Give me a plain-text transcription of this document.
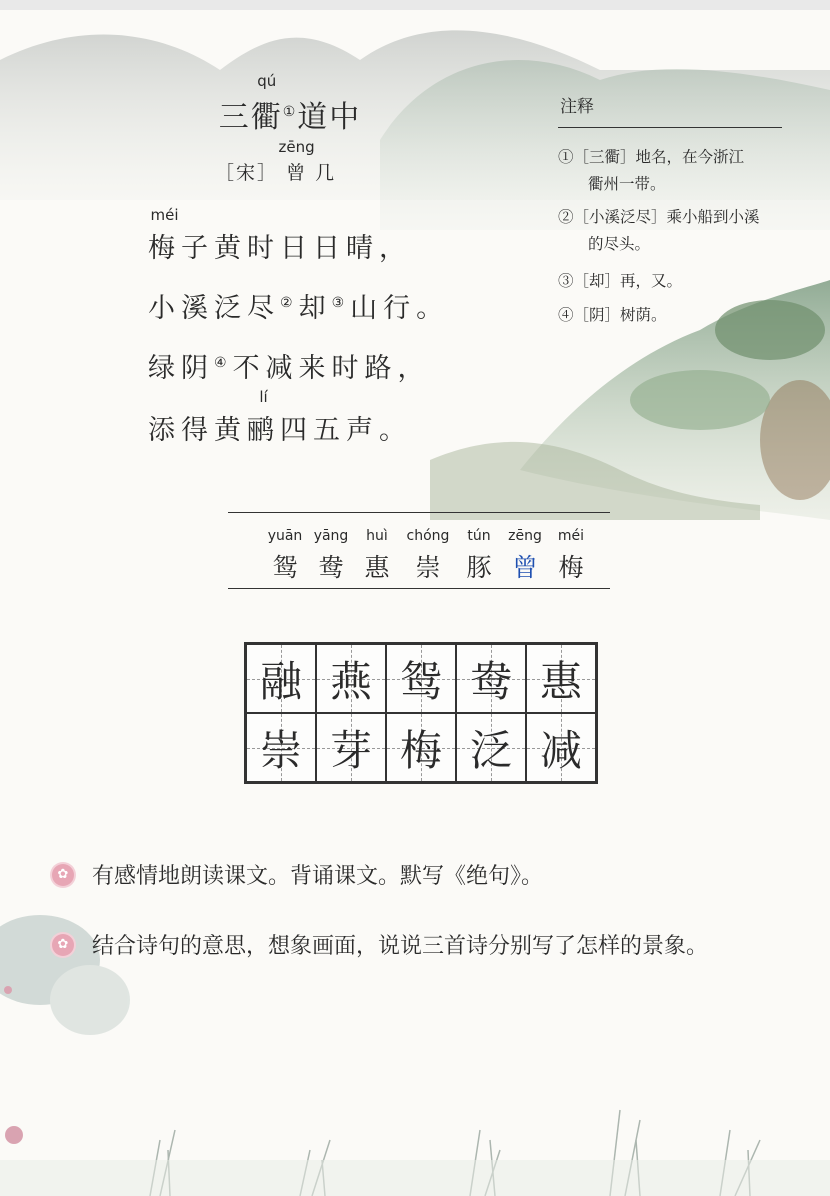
三
qú
衢①道中
［宋］
zēng
曾 几
méi
梅子黄时日日晴，
小溪泛尽②却③山行。
绿阴④不减来时路，
添得黄
lí
鹂四五声。
注释
①［三衢］地名，在今浙江
衢州一带。
②［小溪泛尽］乘小船到小溪
的尽头。
③［却］再，又。
④［阴］树荫。
yuān
鸳
yāng
鸯
huì
惠
chóng
崇
tún
豚
zēng
曾
méi
梅
融 燕 鸳 鸯 惠
崇 芽 梅 泛 减
✿ 有感情地朗读课文。背诵课文。默写《绝句》。
✿ 结合诗句的意思，想象画面，说说三首诗分别写了怎样的景象。
